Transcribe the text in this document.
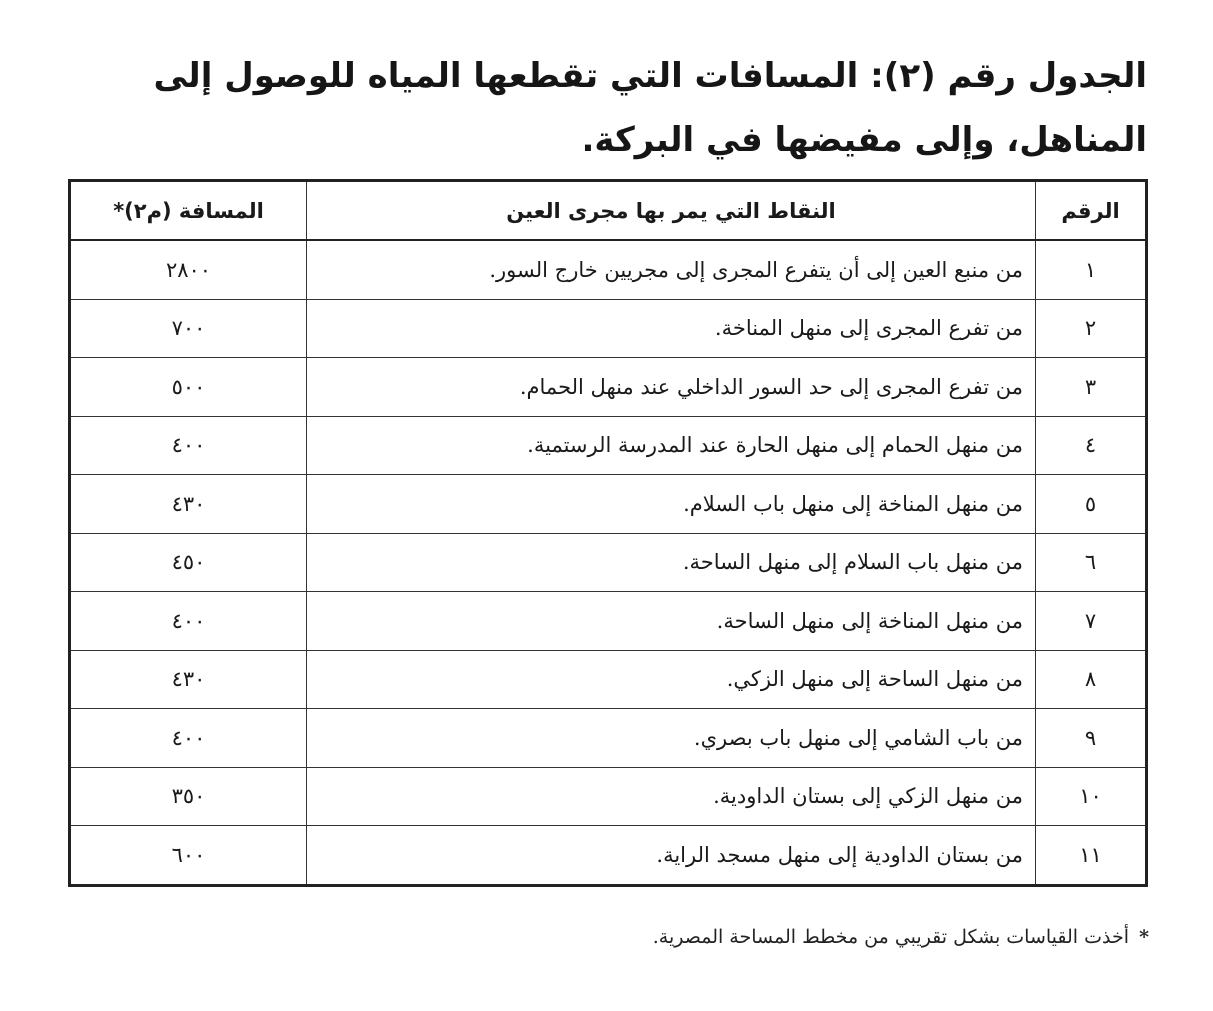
الجدول رقم (٢): المسافات التي تقطعها المياه للوصول إلى المناهل، وإلى مفيضها في البركة.
الرقم	النقاط التي يمر بها مجرى العين	المسافة (م٢)*
١	من منبع العين إلى أن يتفرع المجرى إلى مجريين خارج السور.	٢٨٠٠
٢	من تفرع المجرى إلى منهل المناخة.	٧٠٠
٣	من تفرع المجرى إلى حد السور الداخلي عند منهل الحمام.	٥٠٠
٤	من منهل الحمام إلى منهل الحارة عند المدرسة الرستمية.	٤٠٠
٥	من منهل المناخة إلى منهل باب السلام.	٤٣٠
٦	من منهل باب السلام إلى منهل الساحة.	٤٥٠
٧	من منهل المناخة إلى منهل الساحة.	٤٠٠
٨	من منهل الساحة إلى منهل الزكي.	٤٣٠
٩	من باب الشامي إلى منهل باب بصري.	٤٠٠
١٠	من منهل الزكي إلى بستان الداودية.	٣٥٠
١١	من بستان الداودية إلى منهل مسجد الراية.	٦٠٠
* أخذت القياسات بشكل تقريبي من مخطط المساحة المصرية.
